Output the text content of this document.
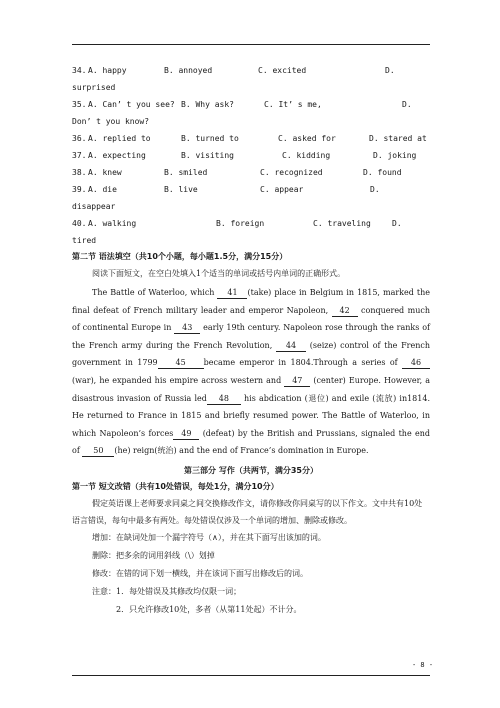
34. A. happy	B. annoyed	C. excited	D.
surprised
35. A. Can’ t you see? B. Why ask?	C. It’ s me,	D.
Don’ t you know?
36. A. replied to	B. turned to	C. asked for	D. stared at
37. A. expecting	B. visiting	C. kidding	D. joking
38. A. knew	B. smiled	C. recognized	D. found
39. A. die	B. live	C. appear	D.
disappear
40. A. walking	B. foreign	C. traveling	D.
tired
第二节 语法填空（共10个小题，每小题1.5分，满分15分）
阅读下面短文，在空白处填入1个适当的单词或括号内单词的正确形式。
The Battle of Waterloo, which 41 (take) place in Belgium in 1815, marked the final defeat of French military leader and emperor Napoleon, 42 conquered much of continental Europe in 43 early 19th century. Napoleon rose through the ranks of the French army during the French Revolution, 44 (seize) control of the French government in 1799 45 became emperor in 1804.Through a series of 46 (war), he expanded his empire across western and 47 (center) Europe. However, a disastrous invasion of Russia led 48 his abdication (退位) and exile (流放) in1814. He returned to France in 1815 and briefly resumed power. The Battle of Waterloo, in which Napoleon’s forces 49 (defeat) by the British and Prussians, signaled the end of 50 (he) reign(统治) and the end of France’s domination in Europe.
第三部分 写作（共两节，满分35分）
第一节 短文改错（共有10处错误，每处1分，满分10分）
假定英语课上老师要求同桌之间交换修改作文，请你修改你同桌写的以下作文。文中共有10处语言错误，每句中最多有两处。每处错误仅涉及一个单词的增加、删除或修改。
增加：在缺词处加一个漏字符号（∧），并在其下面写出该加的词。
删除：把多余的词用斜线（\）划掉
修改：在错的词下划一横线，并在该词下面写出修改后的词。
注意：1．每处错误及其修改均仅限一词；
2．只允许修改10处，多者（从第11处起）不计分。
- 8 -
